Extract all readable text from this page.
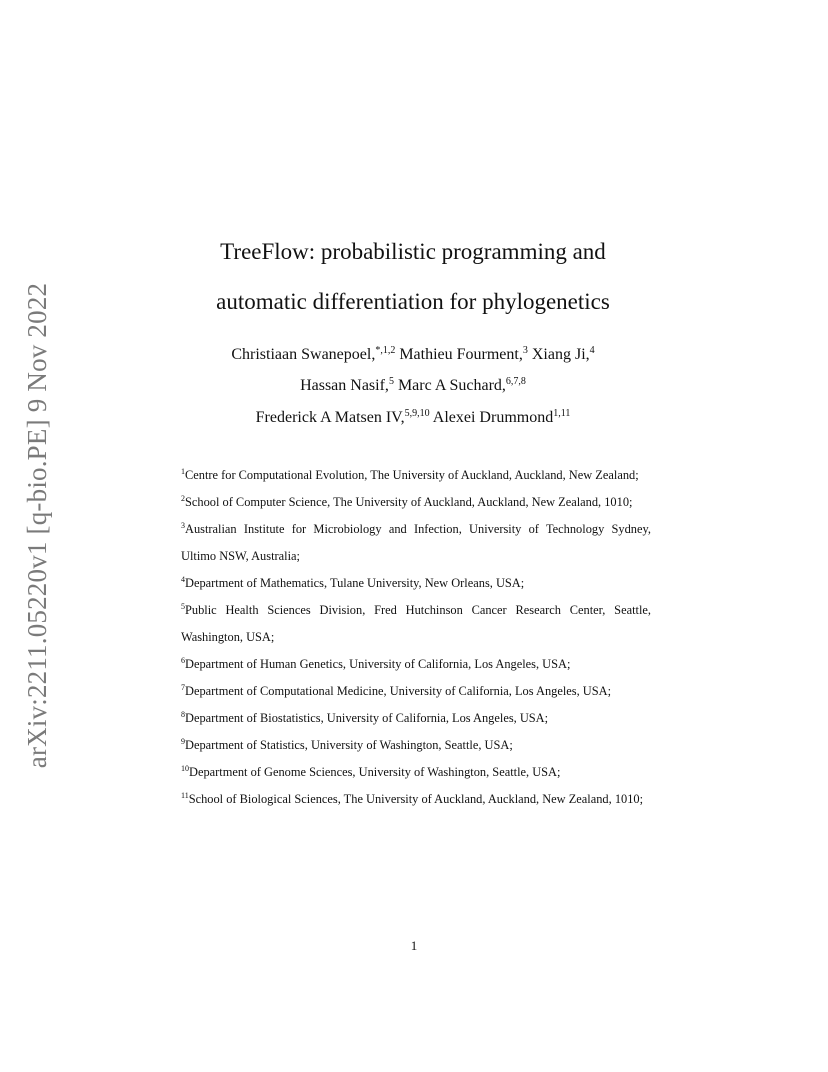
arXiv:2211.05220v1 [q-bio.PE] 9 Nov 2022
TreeFlow: probabilistic programming and
automatic differentiation for phylogenetics
Christiaan Swanepoel,$^{*,1,2}$ Mathieu Fourment,$^3$ Xiang Ji,$^4$
Hassan Nasif,$^5$ Marc A Suchard,$^{6,7,8}$
Frederick A Matsen IV,$^{5,9,10}$ Alexei Drummond$^{1,11}$

$^1$Centre for Computational Evolution, The University of Auckland, Auckland, New Zealand;

$^2$School of Computer Science, The University of Auckland, Auckland, New Zealand, 1010;

$^3$Australian Institute for Microbiology and Infection, University of Technology Sydney, Ultimo NSW, Australia;

$^4$Department of Mathematics, Tulane University, New Orleans, USA;

$^5$Public Health Sciences Division, Fred Hutchinson Cancer Research Center, Seattle, Washington, USA;

$^6$Department of Human Genetics, University of California, Los Angeles, USA;

$^7$Department of Computational Medicine, University of California, Los Angeles, USA;

$^8$Department of Biostatistics, University of California, Los Angeles, USA;

$^9$Department of Statistics, University of Washington, Seattle, USA;

$^{10}$Department of Genome Sciences, University of Washington, Seattle, USA;

$^{11}$School of Biological Sciences, The University of Auckland, Auckland, New Zealand, 1010;

1
